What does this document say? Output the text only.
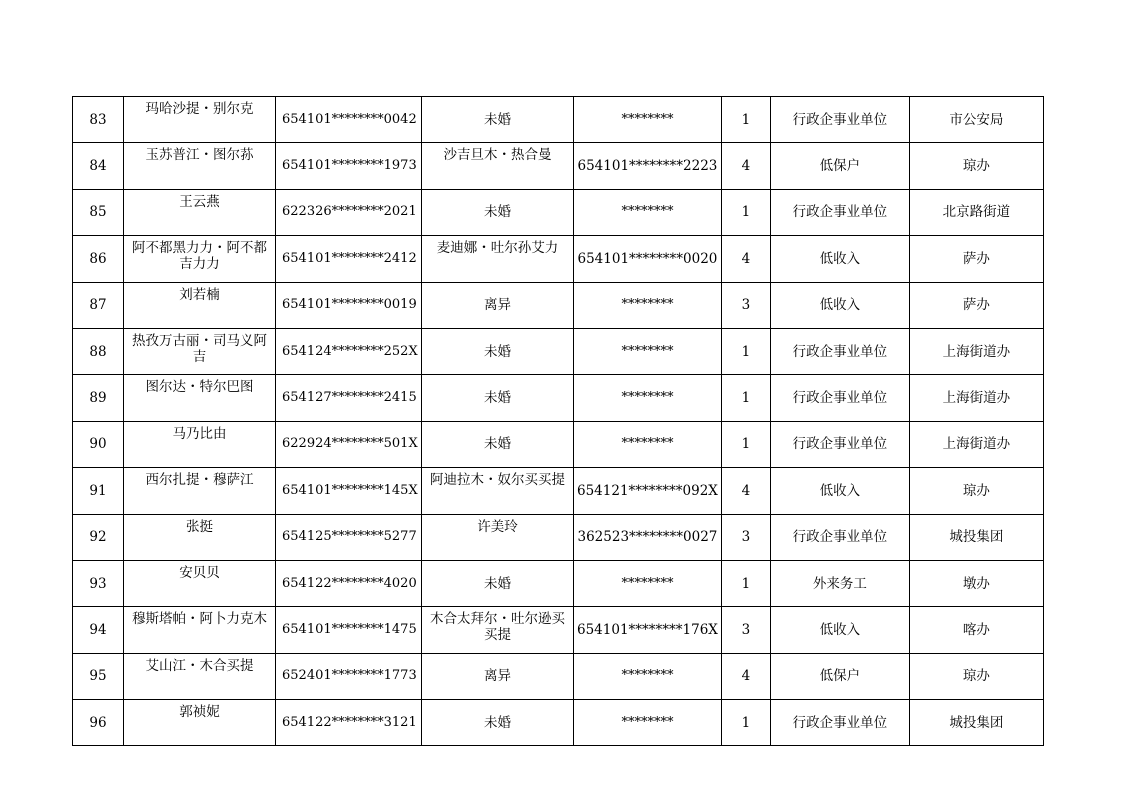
83	玛哈沙提・别尔克	654101********0042	未婚	********	1	行政企事业单位	市公安局
84	玉苏普江・图尔荪	654101********1973	沙吉旦木・热合曼	654101********2223	4	低保户	琼办
85	王云燕	622326********2021	未婚	********	1	行政企事业单位	北京路街道
86	阿不都黑力力・阿不都吉力力	654101********2412	麦迪娜・吐尔孙艾力	654101********0020	4	低收入	萨办
87	刘若楠	654101********0019	离异	********	3	低收入	萨办
88	热孜万古丽・司马义阿吉	654124********252X	未婚	********	1	行政企事业单位	上海街道办
89	图尔达・特尔巴图	654127********2415	未婚	********	1	行政企事业单位	上海街道办
90	马乃比由	622924********501X	未婚	********	1	行政企事业单位	上海街道办
91	西尔扎提・穆萨江	654101********145X	阿迪拉木・奴尔买买提	654121********092X	4	低收入	琼办
92	张挺	654125********5277	许美玲	362523********0027	3	行政企事业单位	城投集团
93	安贝贝	654122********4020	未婚	********	1	外来务工	墩办
94	穆斯塔帕・阿卜力克木	654101********1475	木合太拜尔・吐尔逊买买提	654101********176X	3	低收入	喀办
95	艾山江・木合买提	652401********1773	离异	********	4	低保户	琼办
96	郭祯妮	654122********3121	未婚	********	1	行政企事业单位	城投集团
